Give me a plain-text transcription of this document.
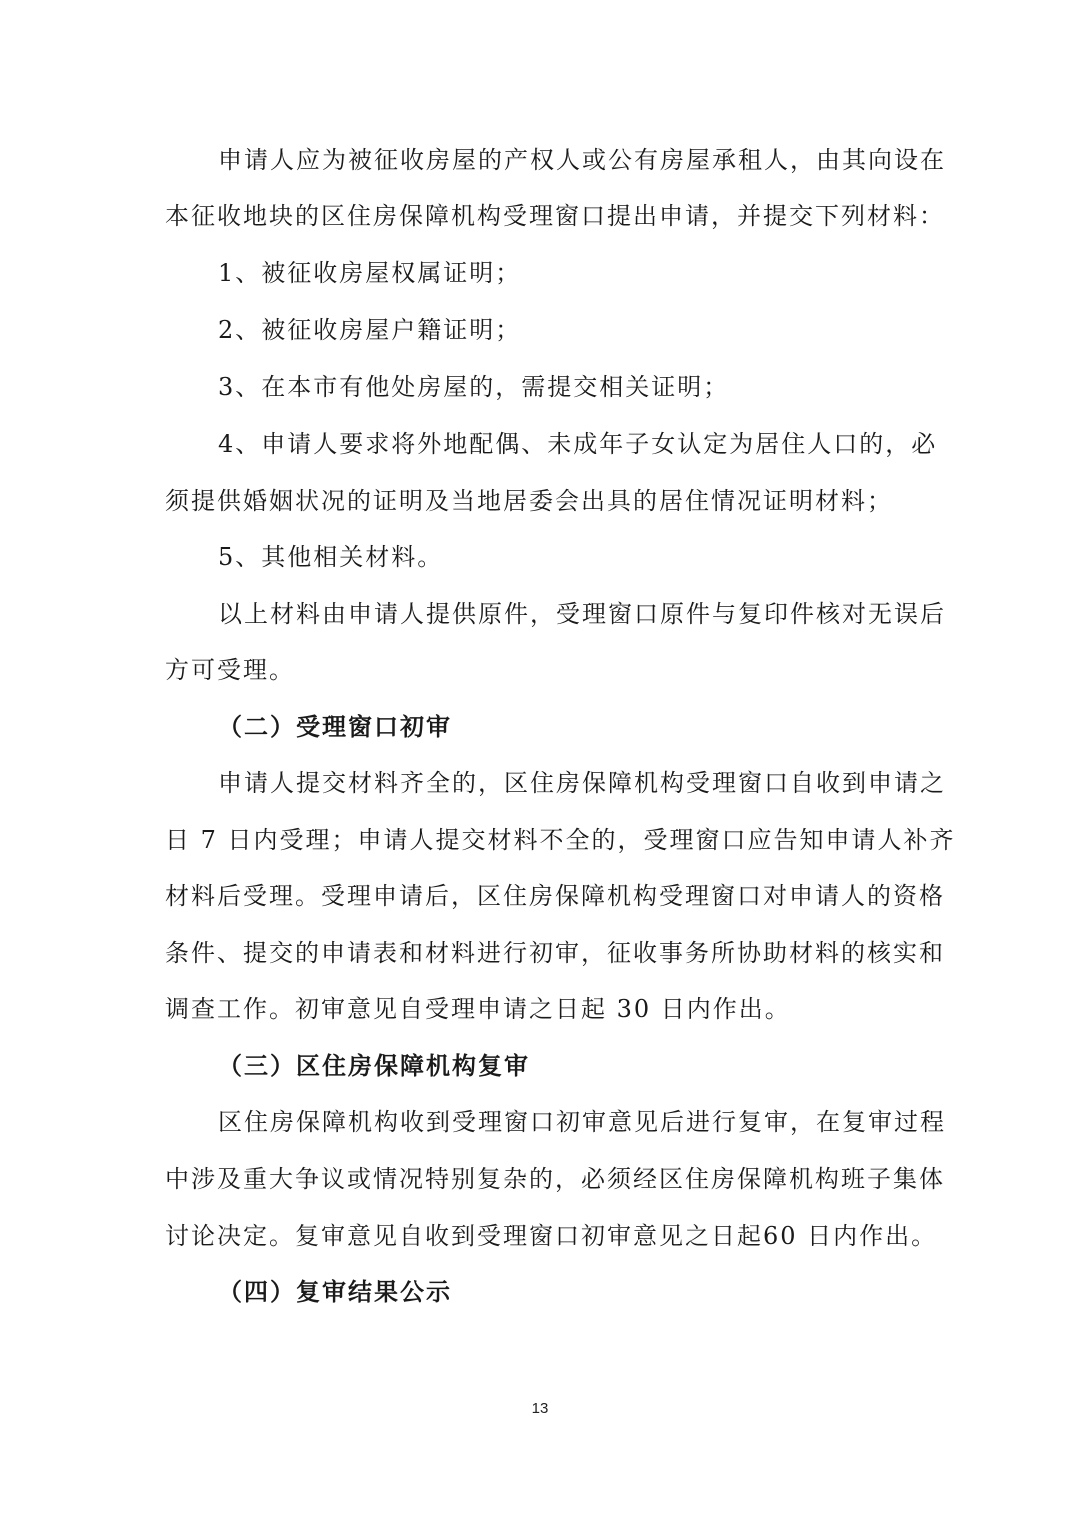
申请人应为被征收房屋的产权人或公有房屋承租人，由其向设在
本征收地块的区住房保障机构受理窗口提出申请，并提交下列材料：
1、被征收房屋权属证明；
2、被征收房屋户籍证明；
3、在本市有他处房屋的，需提交相关证明；
4、申请人要求将外地配偶、未成年子女认定为居住人口的，必
须提供婚姻状况的证明及当地居委会出具的居住情况证明材料；
5、其他相关材料。
以上材料由申请人提供原件，受理窗口原件与复印件核对无误后
方可受理。
（二）受理窗口初审
申请人提交材料齐全的，区住房保障机构受理窗口自收到申请之
日 7 日内受理；申请人提交材料不全的，受理窗口应告知申请人补齐
材料后受理。受理申请后，区住房保障机构受理窗口对申请人的资格
条件、提交的申请表和材料进行初审，征收事务所协助材料的核实和
调查工作。初审意见自受理申请之日起 30 日内作出。
（三）区住房保障机构复审
区住房保障机构收到受理窗口初审意见后进行复审，在复审过程
中涉及重大争议或情况特别复杂的，必须经区住房保障机构班子集体
讨论决定。复审意见自收到受理窗口初审意见之日起60 日内作出。
（四）复审结果公示
13
